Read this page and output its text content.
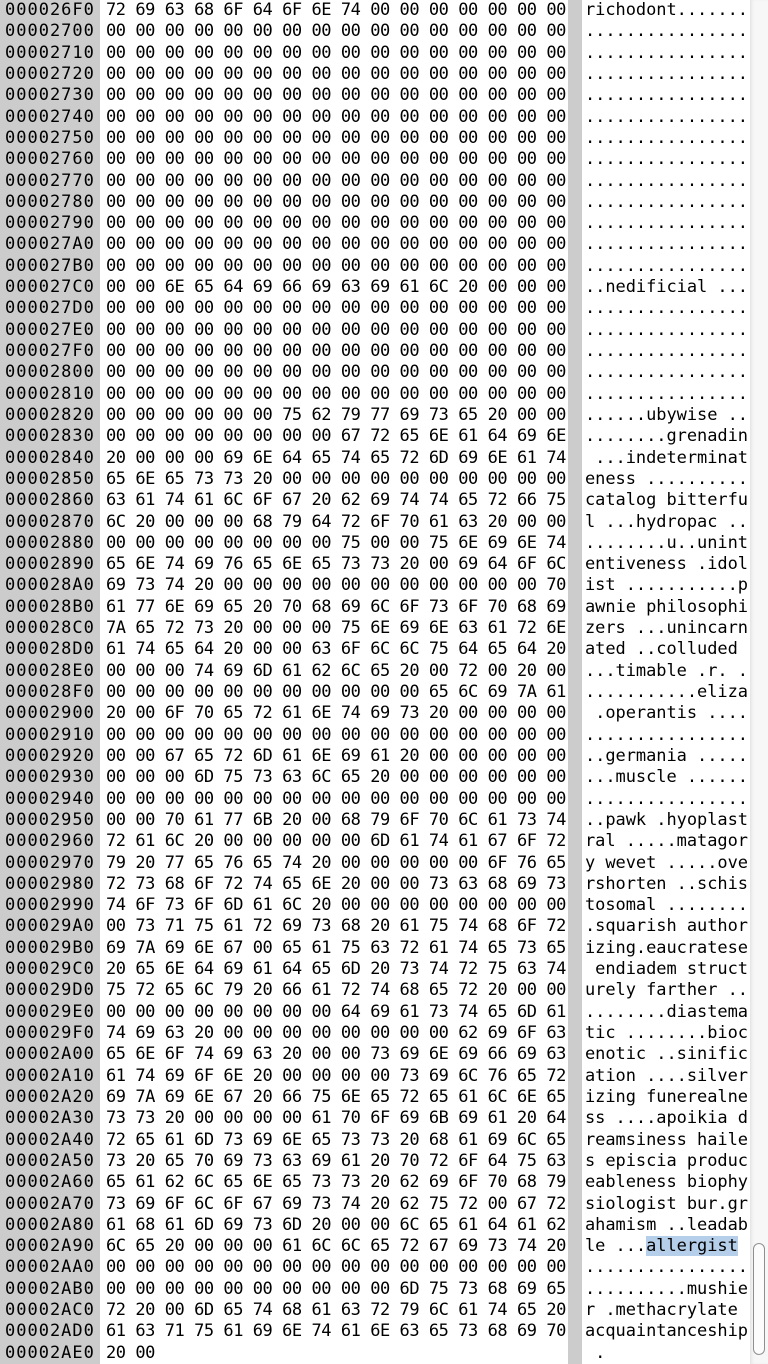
000026F0 72 69 63 68 6F 64 6F 6E 74 00 00 00 00 00 00 00	richodont.......
00002700 00 00 00 00 00 00 00 00 00 00 00 00 00 00 00 00	................
00002710 00 00 00 00 00 00 00 00 00 00 00 00 00 00 00 00	................
00002720 00 00 00 00 00 00 00 00 00 00 00 00 00 00 00 00	................
00002730 00 00 00 00 00 00 00 00 00 00 00 00 00 00 00 00	................
00002740 00 00 00 00 00 00 00 00 00 00 00 00 00 00 00 00	................
00002750 00 00 00 00 00 00 00 00 00 00 00 00 00 00 00 00	................
00002760 00 00 00 00 00 00 00 00 00 00 00 00 00 00 00 00	................
00002770 00 00 00 00 00 00 00 00 00 00 00 00 00 00 00 00	................
00002780 00 00 00 00 00 00 00 00 00 00 00 00 00 00 00 00	................
00002790 00 00 00 00 00 00 00 00 00 00 00 00 00 00 00 00	................
000027A0 00 00 00 00 00 00 00 00 00 00 00 00 00 00 00 00	................
000027B0 00 00 00 00 00 00 00 00 00 00 00 00 00 00 00 00	................
000027C0 00 00 6E 65 64 69 66 69 63 69 61 6C 20 00 00 00	..nedificial ...
000027D0 00 00 00 00 00 00 00 00 00 00 00 00 00 00 00 00	................
000027E0 00 00 00 00 00 00 00 00 00 00 00 00 00 00 00 00	................
000027F0 00 00 00 00 00 00 00 00 00 00 00 00 00 00 00 00	................
00002800 00 00 00 00 00 00 00 00 00 00 00 00 00 00 00 00	................
00002810 00 00 00 00 00 00 00 00 00 00 00 00 00 00 00 00	................
00002820 00 00 00 00 00 00 75 62 79 77 69 73 65 20 00 00	......ubywise ..
00002830 00 00 00 00 00 00 00 00 67 72 65 6E 61 64 69 6E	........grenadin
00002840 20 00 00 00 69 6E 64 65 74 65 72 6D 69 6E 61 74	...indeterminat
00002850 65 6E 65 73 73 20 00 00 00 00 00 00 00 00 00 00	eness ..........
00002860 63 61 74 61 6C 6F 67 20 62 69 74 74 65 72 66 75	catalog bitterfu
00002870 6C 20 00 00 00 68 79 64 72 6F 70 61 63 20 00 00	l ...hydropac ..
00002880 00 00 00 00 00 00 00 00 75 00 00 75 6E 69 6E 74	........u..unint
00002890 65 6E 74 69 76 65 6E 65 73 73 20 00 69 64 6F 6C	entiveness .idol
000028A0 69 73 74 20 00 00 00 00 00 00 00 00 00 00 00 70	ist ...........p
000028B0 61 77 6E 69 65 20 70 68 69 6C 6F 73 6F 70 68 69	awnie philosophi
000028C0 7A 65 72 73 20 00 00 00 75 6E 69 6E 63 61 72 6E	zers ...unincarn
000028D0 61 74 65 64 20 00 00 63 6F 6C 6C 75 64 65 64 20	ated ..colluded
000028E0 00 00 00 74 69 6D 61 62 6C 65 20 00 72 00 20 00	...timable .r. .
000028F0 00 00 00 00 00 00 00 00 00 00 00 65 6C 69 7A 61	...........eliza
00002900 20 00 6F 70 65 72 61 6E 74 69 73 20 00 00 00 00	.operantis ....
00002910 00 00 00 00 00 00 00 00 00 00 00 00 00 00 00 00	................
00002920 00 00 67 65 72 6D 61 6E 69 61 20 00 00 00 00 00	..germania .....
00002930 00 00 00 6D 75 73 63 6C 65 20 00 00 00 00 00 00	...muscle ......
00002940 00 00 00 00 00 00 00 00 00 00 00 00 00 00 00 00	................
00002950 00 00 70 61 77 6B 20 00 68 79 6F 70 6C 61 73 74	..pawk .hyoplast
00002960 72 61 6C 20 00 00 00 00 00 6D 61 74 61 67 6F 72	ral .....matagor
00002970 79 20 77 65 76 65 74 20 00 00 00 00 00 6F 76 65	y wevet .....ove
00002980 72 73 68 6F 72 74 65 6E 20 00 00 73 63 68 69 73	rshorten ..schis
00002990 74 6F 73 6F 6D 61 6C 20 00 00 00 00 00 00 00 00	tosomal ........
000029A0 00 73 71 75 61 72 69 73 68 20 61 75 74 68 6F 72	.squarish author
000029B0 69 7A 69 6E 67 00 65 61 75 63 72 61 74 65 73 65	izing.eaucratese
000029C0 20 65 6E 64 69 61 64 65 6D 20 73 74 72 75 63 74	endiadem struct
000029D0 75 72 65 6C 79 20 66 61 72 74 68 65 72 20 00 00	urely farther ..
000029E0 00 00 00 00 00 00 00 00 64 69 61 73 74 65 6D 61	........diastema
000029F0 74 69 63 20 00 00 00 00 00 00 00 00 62 69 6F 63	tic ........bioc
00002A00 65 6E 6F 74 69 63 20 00 00 73 69 6E 69 66 69 63	enotic ..sinific
00002A10 61 74 69 6F 6E 20 00 00 00 00 73 69 6C 76 65 72	ation ....silver
00002A20 69 7A 69 6E 67 20 66 75 6E 65 72 65 61 6C 6E 65	izing funerealne
00002A30 73 73 20 00 00 00 00 61 70 6F 69 6B 69 61 20 64	ss ....apoikia d
00002A40 72 65 61 6D 73 69 6E 65 73 73 20 68 61 69 6C 65	reamsiness haile
00002A50 73 20 65 70 69 73 63 69 61 20 70 72 6F 64 75 63	s episcia produc
00002A60 65 61 62 6C 65 6E 65 73 73 20 62 69 6F 70 68 79	eableness biophy
00002A70 73 69 6F 6C 6F 67 69 73 74 20 62 75 72 00 67 72	siologist bur.gr
00002A80 61 68 61 6D 69 73 6D 20 00 00 6C 65 61 64 61 62	ahamism ..leadab
00002A90 6C 65 20 00 00 00 61 6C 6C 65 72 67 69 73 74 20	le ...allergist
00002AA0 00 00 00 00 00 00 00 00 00 00 00 00 00 00 00 00	................
00002AB0 00 00 00 00 00 00 00 00 00 00 6D 75 73 68 69 65	..........mushie
00002AC0 72 20 00 6D 65 74 68 61 63 72 79 6C 61 74 65 20	r .methacrylate
00002AD0 61 63 71 75 61 69 6E 74 61 6E 63 65 73 68 69 70	acquaintanceship
00002AE0 20 00	.
